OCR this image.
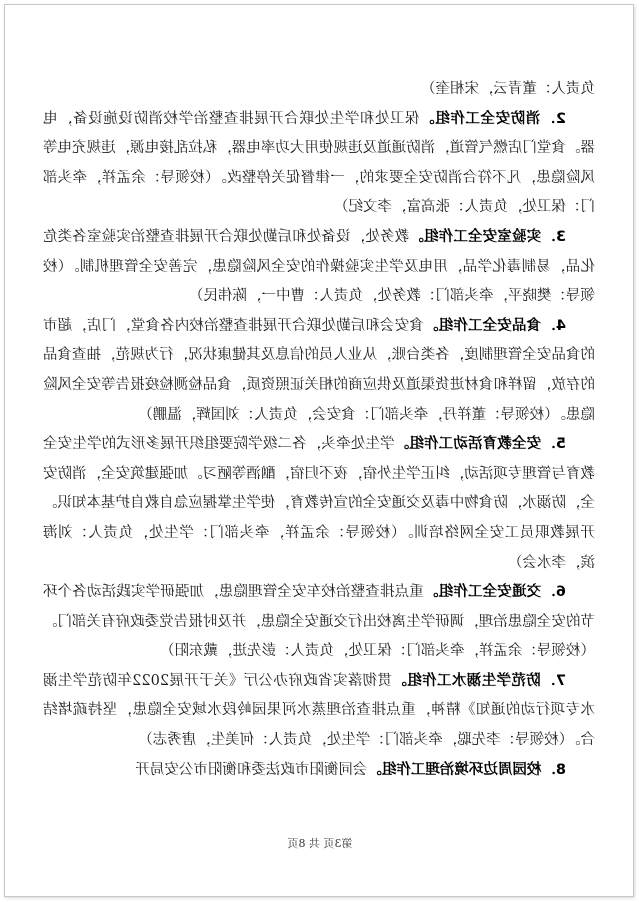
负责人：董青云，宋相奎）

2．消防安全工作组。保卫处和学生处联合开展排查整治学校消防设施设备，电器。食堂门店燃气管道，消防通道及违规使用大功率电器，私拉乱接电源，违规充电等风险隐患，凡不符合消防安全要求的，一律督促关停整改。（校领导：余孟祥，牵头部门：保卫处，负责人：张高富，李文纪）

3．实验室安全工作组。教务处，设备处和后勤处联合开展排查整治实验室各类危化品，易制毒化学品，用电及学生实验操作的安全风险隐患，完善安全管理机制。（校领导：樊晓平，牵头部门：教务处，负责人：曹中一，陈伟民）

4．食品安全工作组。食安会和后勤处联合开展排查整治校内各食堂，门店，超市的食品安全管理制度，各类台账，从业人员的信息及其健康状况，行为规范，抽查食品的存放，留样和食材进货渠道及供应商的相关证照资质，食品检测检疫报告等安全风险隐患。（校领导：董祥丹，牵头部门：食安会，负责人：刘国辉，温鹏）

5．安全教育活动工作组。学生处牵头，各二级学院要组织开展多形式的学生安全教育与管理专项活动，纠正学生外宿，夜不归宿，酗酒等陋习。加强建筑安全，消防安全，防溺水，防食物中毒及交通安全的宣传教育，使学生掌握应急自救自护基本知识。开展教职员工安全网络培训。（校领导：余孟祥，牵头部门：学生处，负责人：刘海滨，李水会）

6．交通安全工作组。重点排查整治校车安全管理隐患，加强研学实践活动各个环节的安全隐患治理，调研学生离校出行交通安全隐患，并及时报告党委政府有关部门。（校领导：余孟祥，牵头部门：保卫处，负责人：彭先进，戴东阳）

7．防范学生溺水工作组。贯彻落实省政府办公厅《关于开展2022年防范学生溺水专项行动的通知》精神，重点排查治理蒸水河果园岭段水域安全隐患，坚持疏堵结合。（校领导：李先聪，牵头部门：学生处，负责人：何美生，唐秀志）

8．校园周边环境治理工作组。会同衡阳市政法委和衡阳市公安局开

第3页 共 8页
